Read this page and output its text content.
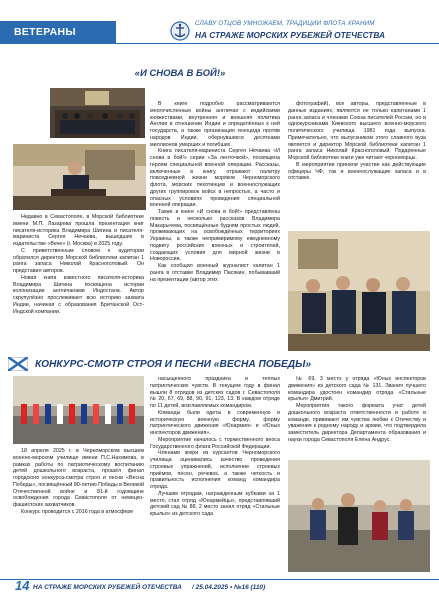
ВЕТЕРАНЫ
СЛАВУ ОТЦОВ УМНОЖАЕМ, ТРАДИЦИИ ФЛОТА ХРАНИМ
НА СТРАЖЕ МОРСКИХ РУБЕЖЕЙ ОТЕЧЕСТВА
«И СНОВА В БОЙ!»

Недавно в Севастополе, в Морской библиотеке имени М.П. Лазарева прошла презентация книг писателя-историка Владимира Шигина и писателя-мариниста Сергея Нечаева, вышедших в издательстве «Вече» (г. Москва) в 2025 году.

С приветственным словом к аудитории обратился директор Морской библиотеки капитан 1 ранга запаса Николай Красноголовый. Он представил авторов.

Новая книга известного писателя-историка Владимира Шигина посвящена истории колонизации англичанами Индостана. Автор скрупулёзно прослеживает всю историю захвата Индии, начиная с образования Британской Ост-Индской компании.

В книге подробно рассматриваются многочисленные войны англичан с индийскими княжествами, внутренняя и внешняя политика Англии в отношении Индии и определённых к ней государств, а также организация геноцида против народов Индии, обернувшихся десятками миллионов умерших и погибших.

Книга писателя-мариниста Сергея Нечаева «И снова в бой!» серии «За ленточкой», посвящена героям специальной военной операции. Рассказы, включенные в книгу, отражают палитру повседневной жизни моряков Черноморского флота, морских пехотинцев и военнослужащих других группировок войск в непростых, а часто и опасных условиях проведения специальной военной операции.

Также в книге «И снова в бой!» представлены повесть и несколько рассказов Владимира Макарычева, посвящённые будням простых людей, проживающих на освобождённых территориях Украины, а также непримиримому ежедневному подвигу российских военных и строителей, создающих условия для мирной жизни в Новороссии.

Как сообщил военный журналист капитан 1 ранга в отставке Владимир Пасякин, побывавший на презентации (автор этих

фотографий), все авторы, представленные в данных изданиях, являются не только капитанами 1 ранга запаса и членами Союза писателей России, но и однокурсниками Киевского высшего военно-морского политического училища 1981 года выпуска. Примечательно, что выпускником этого славного вуза является и директор Морской библиотеки капитан 1 ранга запаса Николай Красноголовый. Подаренные Морской библиотеке книги уже читают черноморцы.

В мероприятии приняли участие как действующие офицеры ЧФ, так и военнослужащие запаса и в отставке.

КОНКУРС-СМОТР СТРОЯ И ПЕСНИ «ВЕСНА ПОБЕДЫ»

18 апреля 2025 г. в Черноморском высшем военно-морском училище имени П.С.Нахимова, в рамках работы по патриотическому воспитанию детей дошкольного возраста, прошёл финал городского конкурса-смотра строя и песни «Весна Победы», посвящённый 80-летию Победы в Великой Отечественной войне и 81-й годовщине освобождения города Севастополя от немецко-фашистских захватчиков.

Конкурс проводится с 2016 года в атмосфере

насыщенного праздника и теплых патриотических чувств. В текущем году в финал вышли 8 отрядов из детских садов г. Севастополя № 20, 67, 69, 88, 90, 91, 123, 13. В каждом отряде по 11 детей, возглавляемых командиром.

Команды были одеты в современную и историческую военную форму, форму патриотического движения «Юнармия» и «Юных инспекторов движения».

Мероприятие началось с торжественного вноса Государственного флага Российской Федерации.

Членами жюри из курсантов Черноморского училища оценивались качество проведения строевых упражнений, исполнение строевых приёмов, песен, речевок, а также четкость и правильность исполнения команд командира отряда.

Лучшим отрядам, награжденным кубками за 1 место, стал отряд «Юнармейцы», представлявший детский сад № 88, 2 место занял отряд «Стальные крылья» из детского сада

№ 69, 3 место у отряда «Юных инспекторов движения» из детского сада № 131. Звания лучшего командира удостоен командир отряда «Стальные крылья» Дмитрий.

Мероприятия такого формата учат детей дошкольного возраста ответственности и работе в команде, прививают им чувства любви к Отечеству и уважения к родному народу и армии, что подтвердила заместитель директора Департамента образования и науки города Севастополя Елена Андрус.

14 НА СТРАЖЕ МОРСКИХ РУБЕЖЕЙ ОТЕЧЕСТВА / 25.04.2025 • №16 (110)
